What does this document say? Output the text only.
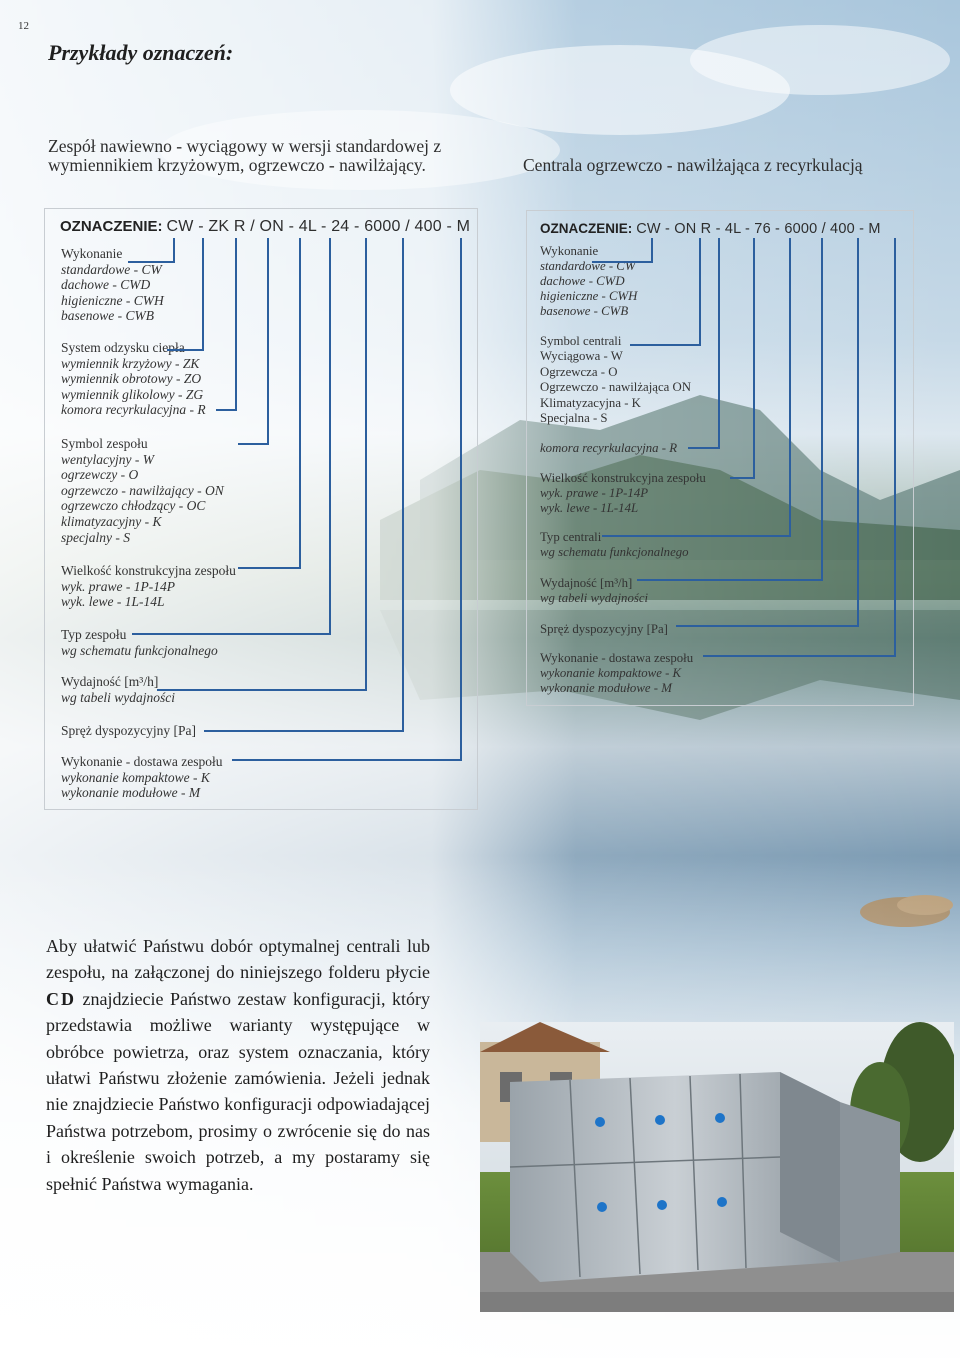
12
Przykłady oznaczeń:
Zespół nawiewno - wyciągowy w wersji standardowej z
wymiennikiem krzyżowym, ogrzewczo - nawilżający.	Centrala ogrzewczo - nawilżająca z recyrkulacją
OZNACZENIE: CW - ZK R / ON - 4L - 24 - 6000 / 400 - M	OZNACZENIE: CW - ON R - 4L - 76 - 6000 / 400 - M
Wykonanie
standardowe - CW
dachowe - CWD
higieniczne - CWH
basenowe - CWB
System odzysku ciepła
wymiennik krzyżowy - ZK
wymiennik obrotowy - ZO
wymiennik glikolowy - ZG
komora recyrkulacyjna - R
Symbol zespołu
wentylacyjny - W
ogrzewczy - O
ogrzewczo - nawilżający - ON
ogrzewczo chłodzący - OC
klimatyzacyjny - K
specjalny - S
Wielkość konstrukcyjna zespołu
wyk. prawe - 1P-14P
wyk. lewe - 1L-14L
Typ zespołu
wg schematu funkcjonalnego
Wydajność [m³/h]
wg tabeli wydajności
Spręż dyspozycyjny [Pa]
Wykonanie - dostawa zespołu
wykonanie kompaktowe - K
wykonanie modułowe - M
Wykonanie
standardowe - CW
dachowe - CWD
higieniczne - CWH
basenowe - CWB
Symbol centrali
Wyciągowa - W
Ogrzewcza - O
Ogrzewczo - nawilżająca ON
Klimatyzacyjna - K
Specjalna - S
komora recyrkulacyjna - R
Wielkość konstrukcyjna zespołu
wyk. prawe - 1P-14P
wyk. lewe - 1L-14L
Typ centrali
wg schematu funkcjonalnego
Wydajność [m³/h]
wg tabeli wydajności
Spręż dyspozycyjny [Pa]
Wykonanie - dostawa zespołu
wykonanie kompaktowe - K
wykonanie modułowe - M

Aby ułatwić Państwu dobór optymalnej centrali lub zespołu, na załączonej do niniejszego folderu płycie CD znajdziecie Państwo zestaw konfiguracji, który przedstawia możliwe warianty występujące w obróbce powietrza, oraz system oznaczania, który ułatwi Państwu złożenie zamówienia. Jeżeli jednak nie znajdziecie Państwo konfiguracji odpowiadającej Państwa potrzebom, prosimy o zwrócenie się do nas i określenie swoich potrzeb, a my postaramy się spełnić Państwa wymagania.
